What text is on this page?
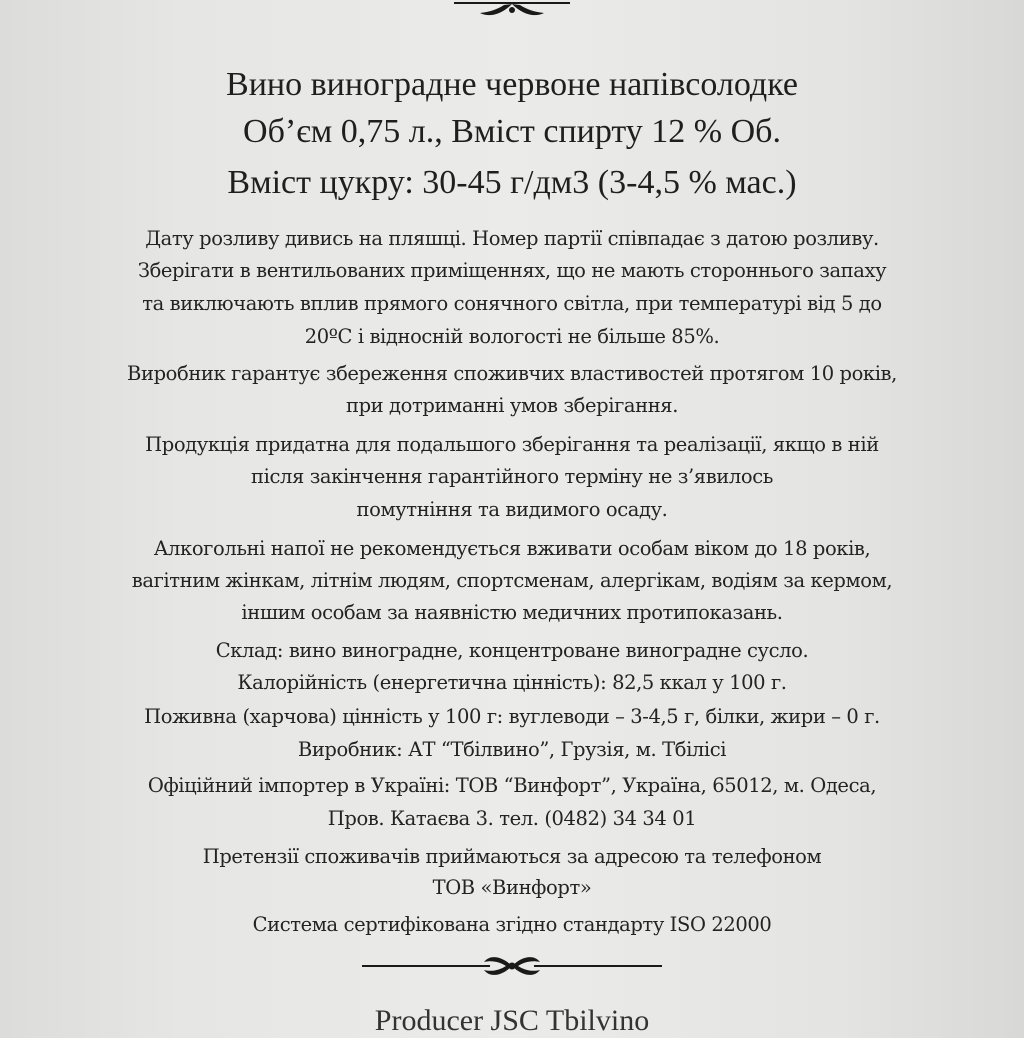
Вино виноградне червоне напівсолодке
Об’єм 0,75 л., Вміст спирту 12 % Об.
Вміст цукру: 30-45 г/дм3 (3-4,5 % мас.)
Дату розливу дивись на пляшці. Номер партії співпадає з датою розливу.
Зберігати в вентильованих приміщеннях, що не мають стороннього запаху
та виключають вплив прямого сонячного світла, при температурі від 5 до
20ºС і відносній вологості не більше 85%.
Виробник гарантує збереження споживчих властивостей протягом 10 років,
при дотриманні умов зберігання.
Продукція придатна для подальшого зберігання та реалізації, якщо в ній
після закінчення гарантійного терміну не з’явилось
помутніння та видимого осаду.
Алкогольні напої не рекомендується вживати особам віком до 18 років,
вагітним жінкам, літнім людям, спортсменам, алергікам, водіям за кермом,
іншим особам за наявністю медичних протипоказань.
Склад: вино виноградне, концентроване виноградне сусло.
Калорійність (енергетична цінність): 82,5 ккал у 100 г.
Поживна (харчова) цінність у 100 г: вуглеводи – 3-4,5 г, білки, жири – 0 г.
Виробник: АТ “Тбілвино”, Грузія, м. Тбілісі
Офіційний імпортер в Україні: ТОВ “Винфорт”, Україна, 65012, м. Одеса,
Пров. Катаєва 3. тел. (0482) 34 34 01
Претензії споживачів приймаються за адресою та телефоном
ТОВ «Винфорт»
Система сертифікована згідно стандарту ISO 22000
Producer JSC Tbilvino
